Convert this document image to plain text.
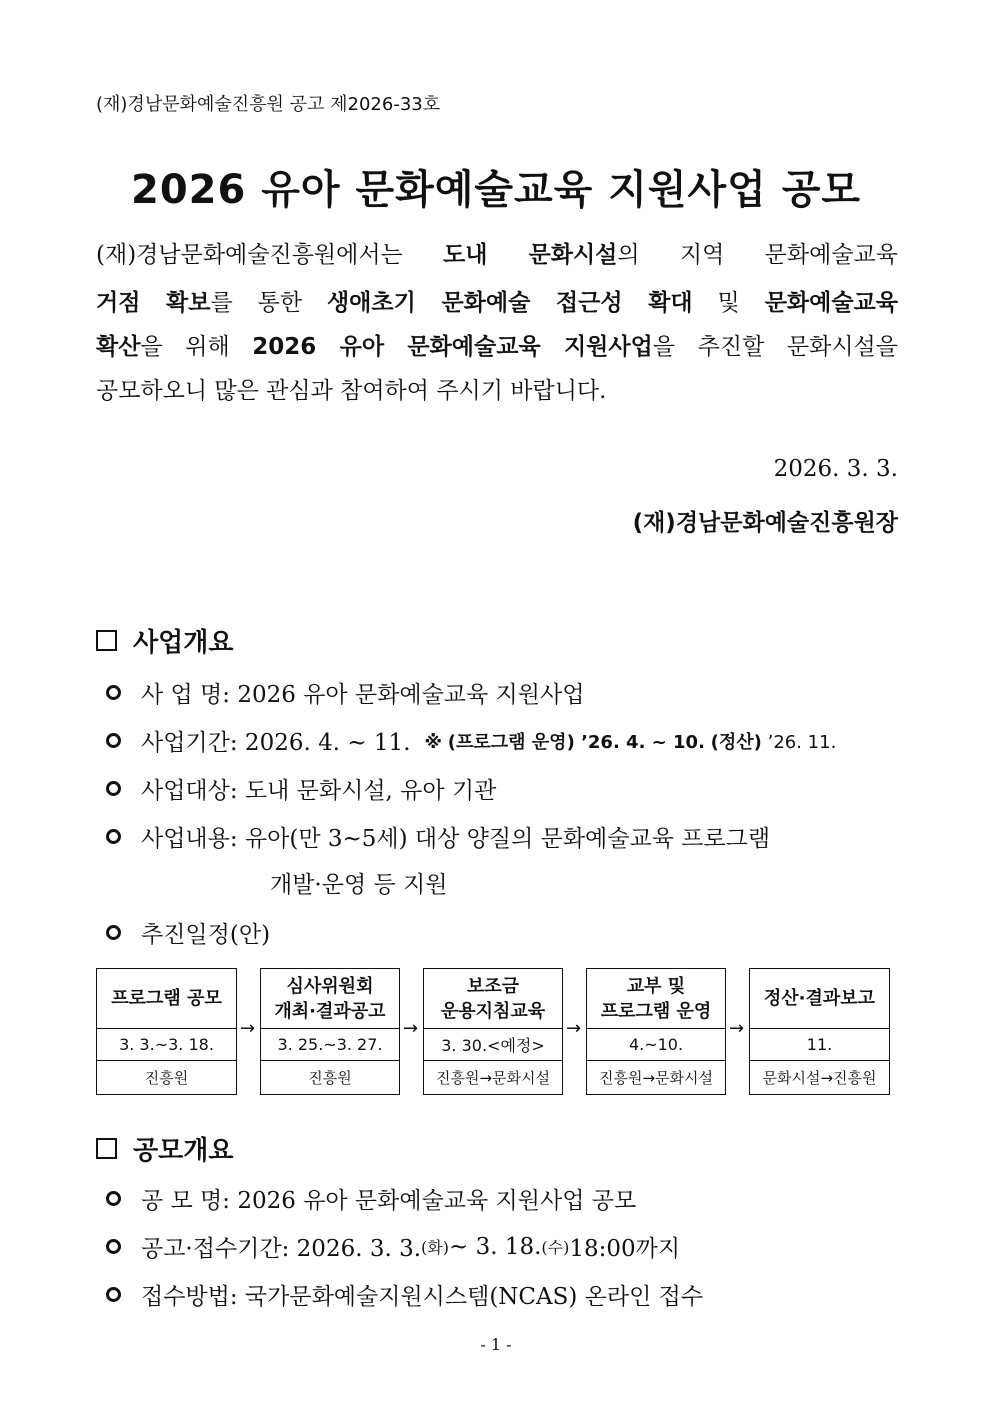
(재)경남문화예술진흥원 공고 제2026-33호
2026 유아 문화예술교육 지원사업 공모
(재)경남문화예술진흥원에서는 도내 문화시설의 지역 문화예술교육
거점 확보를 통한 생애초기 문화예술 접근성 확대 및 문화예술교육
확산을 위해 2026 유아 문화예술교육 지원사업을 추진할 문화시설을
공모하오니 많은 관심과 참여하여 주시기 바랍니다.
2026. 3. 3.
(재)경남문화예술진흥원장
사업개요
사 업 명: 2026 유아 문화예술교육 지원사업
사업기간: 2026. 4. ~ 11. ※ (프로그램 운영) ’26. 4. ~ 10. (정산) ’26. 11.
사업대상: 도내 문화시설, 유아 기관
사업내용: 유아(만 3~5세) 대상 양질의 문화예술교육 프로그램
개발·운영 등 지원
추진일정(안)
프로그램 공모
3. 3.~3. 18.
진흥원
→
심사위원회
개최·결과공고
3. 25.~3. 27.
진흥원
→
보조금
운용지침교육
3. 30.<예정>
진흥원→문화시설
→
교부 및
프로그램 운영
4.~10.
진흥원→문화시설
→
정산·결과보고
11.
문화시설→진흥원
공모개요
공 모 명: 2026 유아 문화예술교육 지원사업 공모
공고·접수기간: 2026. 3. 3. (화) ~ 3. 18. (수) 18:00까지
접수방법: 국가문화예술지원시스템(NCAS) 온라인 접수
- 1 -
